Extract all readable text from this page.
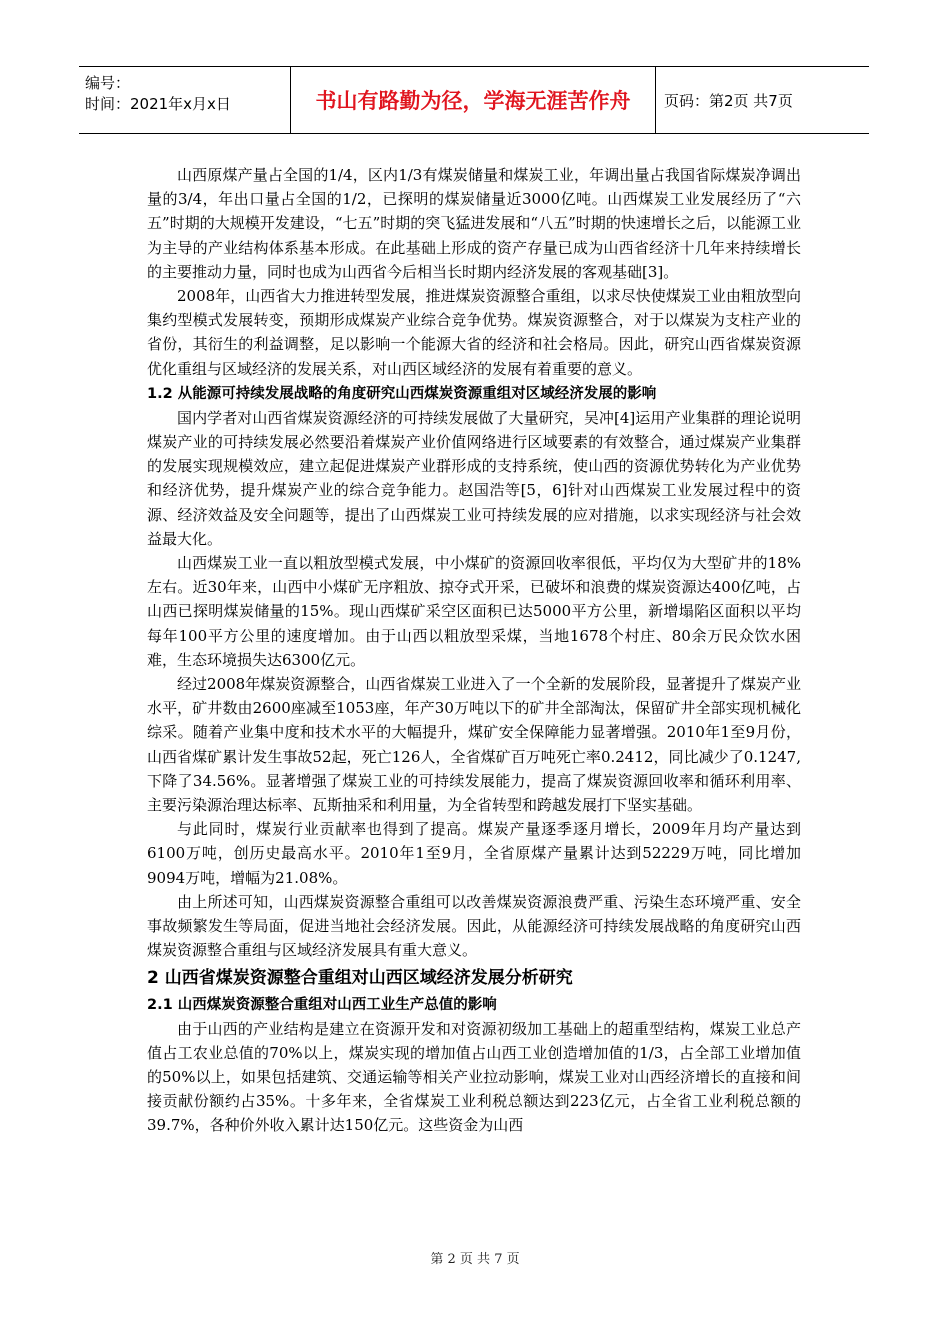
编号：
时间：2021年x月x日	书山有路勤为径，学海无涯苦作舟	页码：第2页 共7页

山西原煤产量占全国的1/4，区内1/3有煤炭储量和煤炭工业，年调出量占我国省际煤炭净调出量的3/4，年出口量占全国的1/2，已探明的煤炭储量近3000亿吨。山西煤炭工业发展经历了“六五”时期的大规模开发建设，“七五”时期的突飞猛进发展和“八五”时期的快速增长之后，以能源工业为主导的产业结构体系基本形成。在此基础上形成的资产存量已成为山西省经济十几年来持续增长的主要推动力量，同时也成为山西省今后相当长时期内经济发展的客观基础[3]。

2008年，山西省大力推进转型发展，推进煤炭资源整合重组，以求尽快使煤炭工业由粗放型向集约型模式发展转变，预期形成煤炭产业综合竞争优势。煤炭资源整合，对于以煤炭为支柱产业的省份，其衍生的利益调整，足以影响一个能源大省的经济和社会格局。因此，研究山西省煤炭资源优化重组与区域经济的发展关系，对山西区域经济的发展有着重要的意义。

1.2 从能源可持续发展战略的角度研究山西煤炭资源重组对区域经济发展的影响

国内学者对山西省煤炭资源经济的可持续发展做了大量研究，吴冲[4]运用产业集群的理论说明煤炭产业的可持续发展必然要沿着煤炭产业价值网络进行区域要素的有效整合，通过煤炭产业集群的发展实现规模效应，建立起促进煤炭产业群形成的支持系统，使山西的资源优势转化为产业优势和经济优势，提升煤炭产业的综合竞争能力。赵国浩等[5，6]针对山西煤炭工业发展过程中的资源、经济效益及安全问题等，提出了山西煤炭工业可持续发展的应对措施，以求实现经济与社会效益最大化。

山西煤炭工业一直以粗放型模式发展，中小煤矿的资源回收率很低，平均仅为大型矿井的18%左右。近30年来，山西中小煤矿无序粗放、掠夺式开采，已破坏和浪费的煤炭资源达400亿吨，占山西已探明煤炭储量的15%。现山西煤矿采空区面积已达5000平方公里，新增塌陷区面积以平均每年100平方公里的速度增加。由于山西以粗放型采煤，当地1678个村庄、80余万民众饮水困难，生态环境损失达6300亿元。

经过2008年煤炭资源整合，山西省煤炭工业进入了一个全新的发展阶段，显著提升了煤炭产业水平，矿井数由2600座减至1053座，年产30万吨以下的矿井全部淘汰，保留矿井全部实现机械化综采。随着产业集中度和技术水平的大幅提升，煤矿安全保障能力显著增强。2010年1至9月份，山西省煤矿累计发生事故52起，死亡126人，全省煤矿百万吨死亡率0.2412，同比减少了0.1247,下降了34.56%。显著增强了煤炭工业的可持续发展能力，提高了煤炭资源回收率和循环利用率、主要污染源治理达标率、瓦斯抽采和利用量，为全省转型和跨越发展打下坚实基础。

与此同时，煤炭行业贡献率也得到了提高。煤炭产量逐季逐月增长，2009年月均产量达到6100万吨，创历史最高水平。2010年1至9月，全省原煤产量累计达到52229万吨，同比增加9094万吨，增幅为21.08%。

由上所述可知，山西煤炭资源整合重组可以改善煤炭资源浪费严重、污染生态环境严重、安全事故频繁发生等局面，促进当地社会经济发展。因此，从能源经济可持续发展战略的角度研究山西煤炭资源整合重组与区域经济发展具有重大意义。

2 山西省煤炭资源整合重组对山西区域经济发展分析研究
2.1 山西煤炭资源整合重组对山西工业生产总值的影响

由于山西的产业结构是建立在资源开发和对资源初级加工基础上的超重型结构，煤炭工业总产值占工农业总值的70%以上，煤炭实现的增加值占山西工业创造增加值的1/3，占全部工业增加值的50%以上，如果包括建筑、交通运输等相关产业拉动影响，煤炭工业对山西经济增长的直接和间接贡献份额约占35%。十多年来，全省煤炭工业利税总额达到223亿元，占全省工业利税总额的39.7%，各种价外收入累计达150亿元。这些资金为山西

第 2 页 共 7 页
